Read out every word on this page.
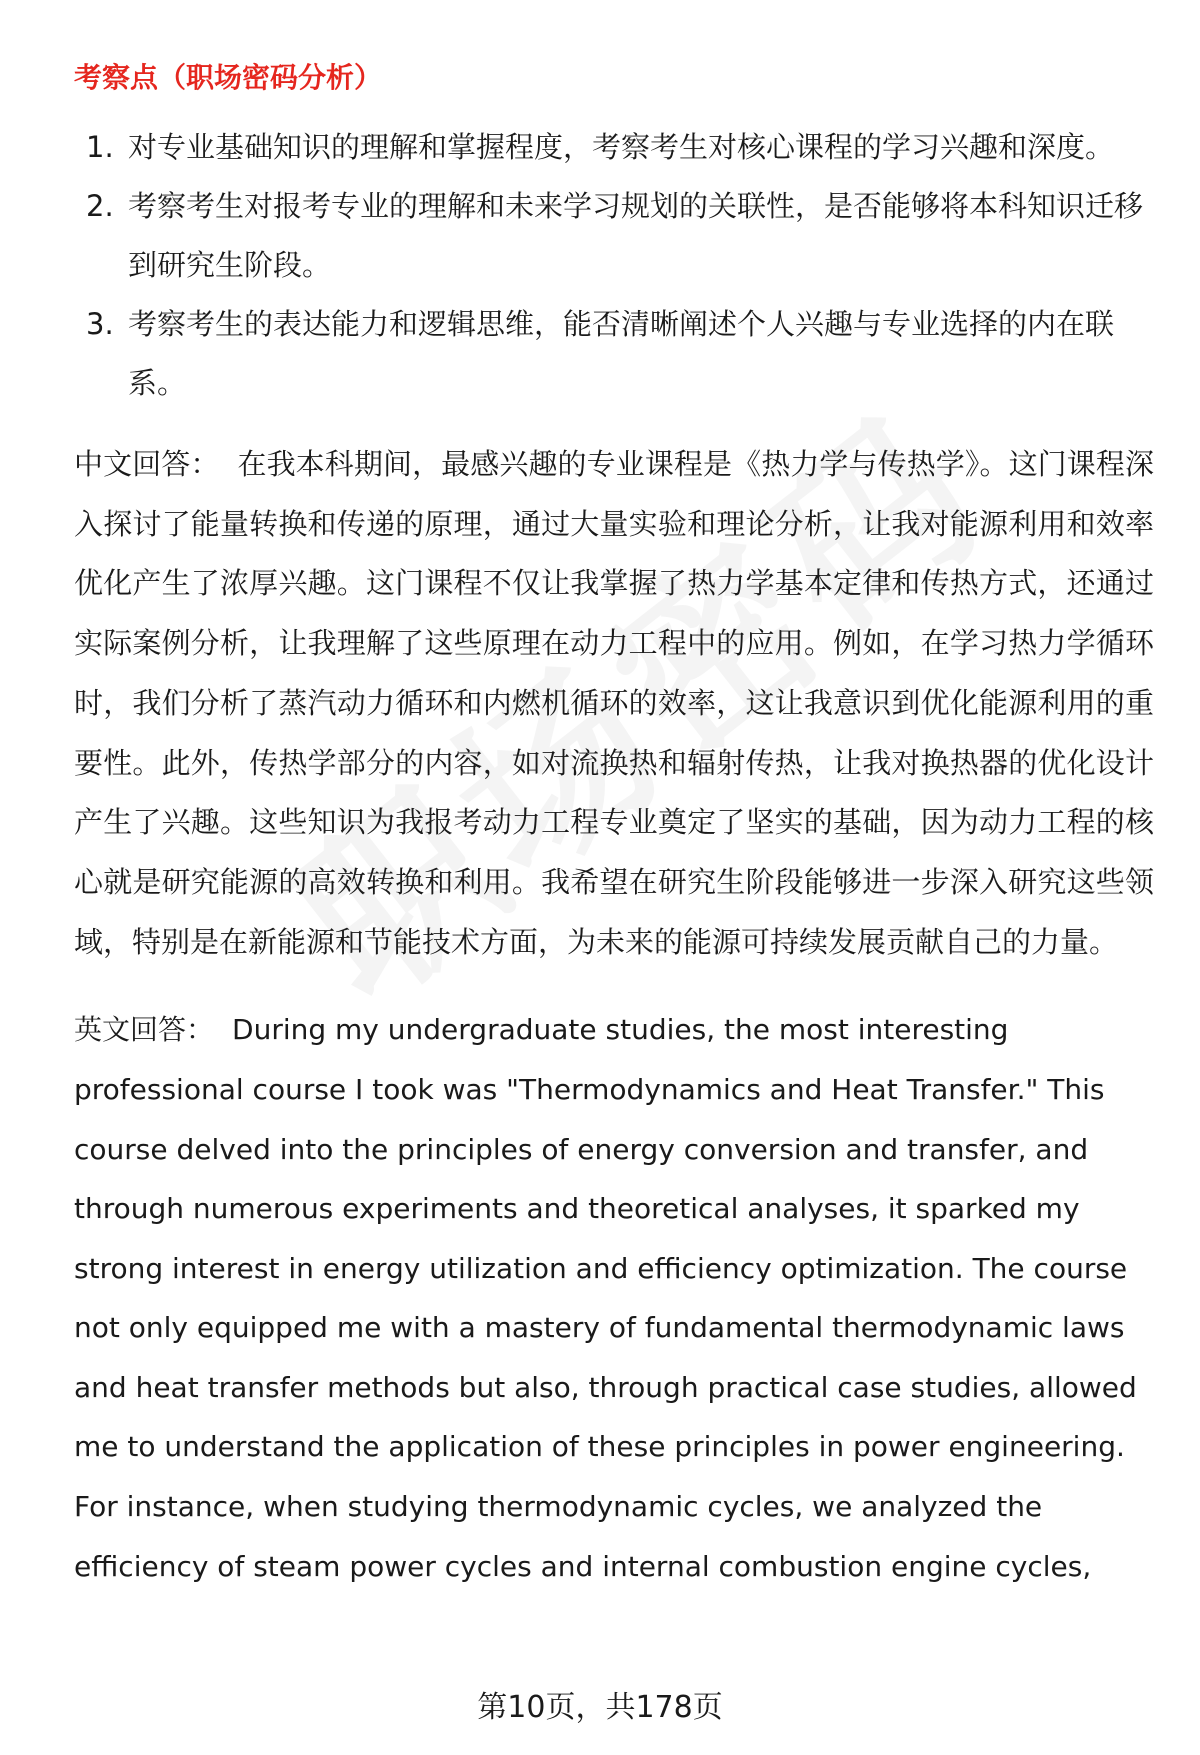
考察点（职场密码分析）
1. 对专业基础知识的理解和掌握程度，考察考生对核心课程的学习兴趣和深度。
2. 考察考生对报考专业的理解和未来学习规划的关联性，是否能够将本科知识迁移到研究生阶段。
3. 考察考生的表达能力和逻辑思维，能否清晰阐述个人兴趣与专业选择的内在联系。

中文回答： 在我本科期间，最感兴趣的专业课程是《热力学与传热学》。这门课程深入探讨了能量转换和传递的原理，通过大量实验和理论分析，让我对能源利用和效率优化产生了浓厚兴趣。这门课程不仅让我掌握了热力学基本定律和传热方式，还通过实际案例分析，让我理解了这些原理在动力工程中的应用。例如，在学习热力学循环时，我们分析了蒸汽动力循环和内燃机循环的效率，这让我意识到优化能源利用的重要性。此外，传热学部分的内容，如对流换热和辐射传热，让我对换热器的优化设计产生了兴趣。这些知识为我报考动力工程专业奠定了坚实的基础，因为动力工程的核心就是研究能源的高效转换和利用。我希望在研究生阶段能够进一步深入研究这些领域，特别是在新能源和节能技术方面，为未来的能源可持续发展贡献自己的力量。

英文回答： During my undergraduate studies, the most interesting professional course I took was "Thermodynamics and Heat Transfer." This course delved into the principles of energy conversion and transfer, and through numerous experiments and theoretical analyses, it sparked my strong interest in energy utilization and efficiency optimization. The course not only equipped me with a mastery of fundamental thermodynamic laws and heat transfer methods but also, through practical case studies, allowed me to understand the application of these principles in power engineering. For instance, when studying thermodynamic cycles, we analyzed the efficiency of steam power cycles and internal combustion engine cycles,

第10页，共178页
